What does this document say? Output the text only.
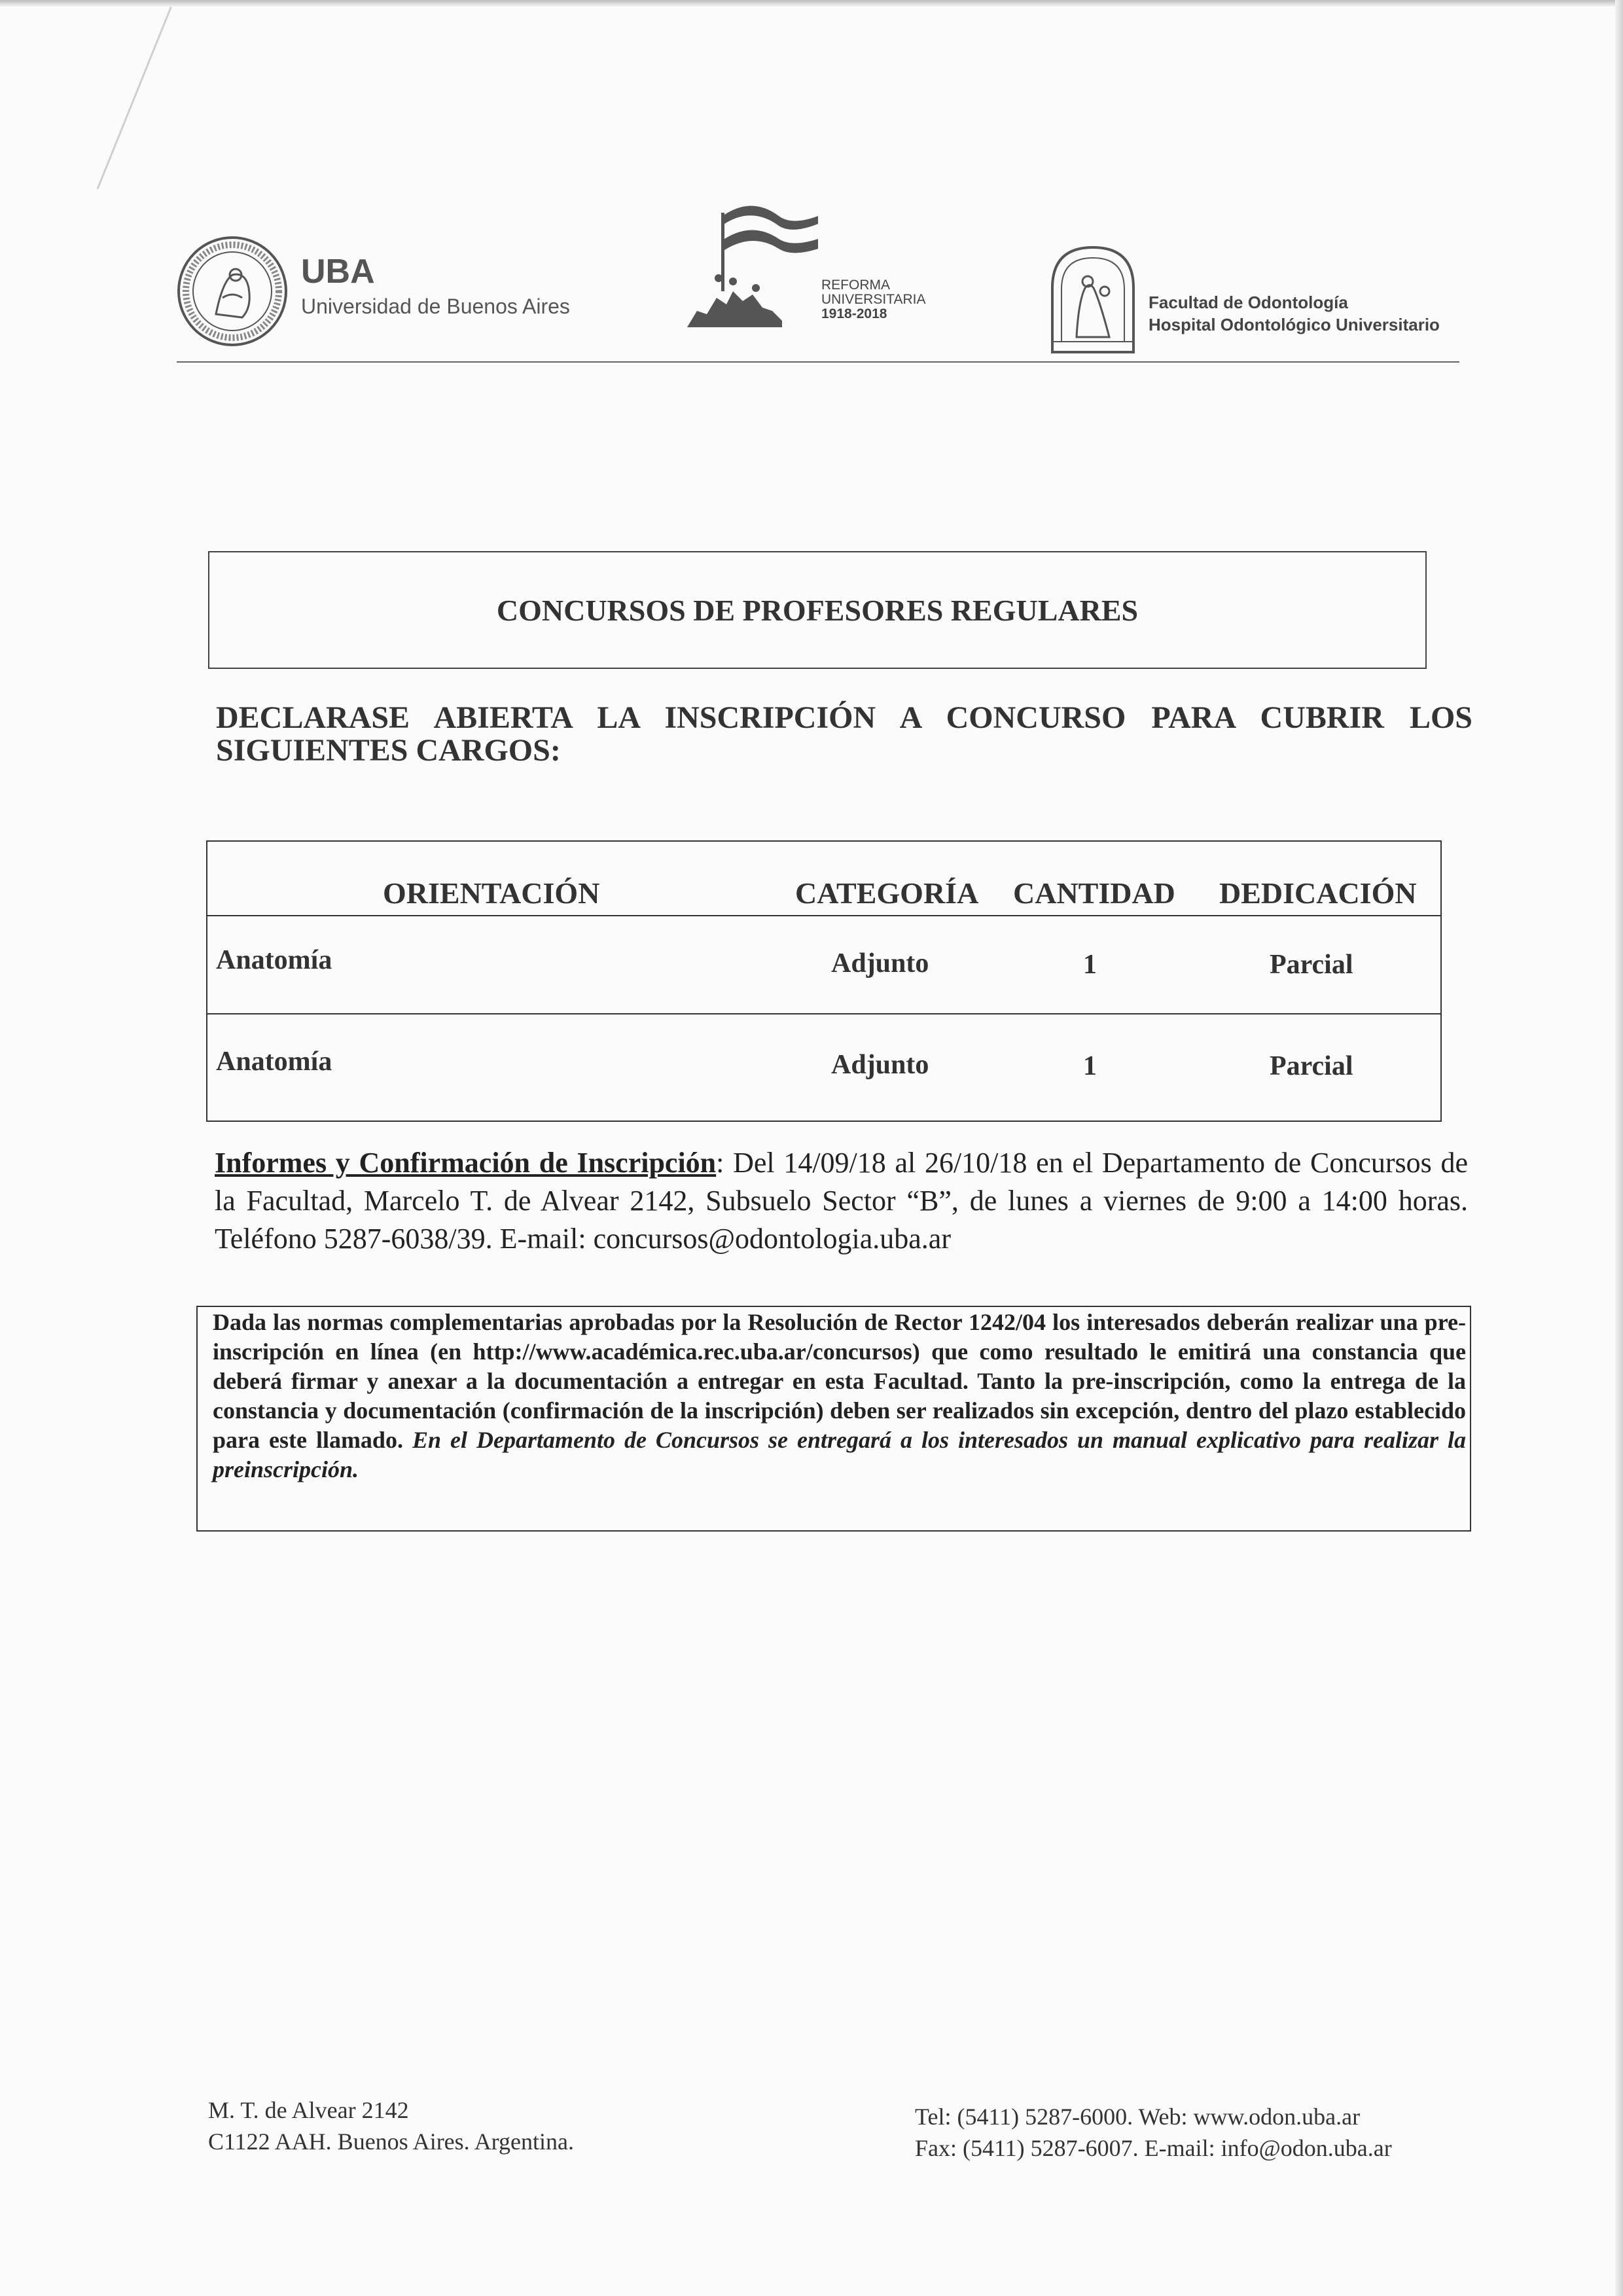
UBA
Universidad de Buenos Aires
REFORMA
UNIVERSITARIA
1918-2018
Facultad de Odontología
Hospital Odontológico Universitario
CONCURSOS DE PROFESORES REGULARES
DECLARASE ABIERTA LA INSCRIPCIÓN A CONCURSO PARA CUBRIR LOS SIGUIENTES CARGOS:
ORIENTACIÓN	CATEGORÍA CANTIDAD DEDICACIÓN
Anatomía	Adjunto	1	Parcial
Anatomía	Adjunto	1	Parcial
Informes y Confirmación de Inscripción: Del 14/09/18 al 26/10/18 en el Departamento de Concursos de la Facultad, Marcelo T. de Alvear 2142, Subsuelo Sector “B”, de lunes a viernes de 9:00 a 14:00 horas. Teléfono 5287-6038/39. E-mail: concursos@odontologia.uba.ar
Dada las normas complementarias aprobadas por la Resolución de Rector 1242/04 los interesados deberán realizar una pre-inscripción en línea (en http://www.académica.rec.uba.ar/concursos) que como resultado le emitirá una constancia que deberá firmar y anexar a la documentación a entregar en esta Facultad. Tanto la pre-inscripción, como la entrega de la constancia y documentación (confirmación de la inscripción) deben ser realizados sin excepción, dentro del plazo establecido para este llamado. En el Departamento de Concursos se entregará a los interesados un manual explicativo para realizar la preinscripción.
M. T. de Alvear 2142
C1122 AAH. Buenos Aires. Argentina.
Tel: (5411) 5287-6000. Web: www.odon.uba.ar
Fax: (5411) 5287-6007. E-mail: info@odon.uba.ar
